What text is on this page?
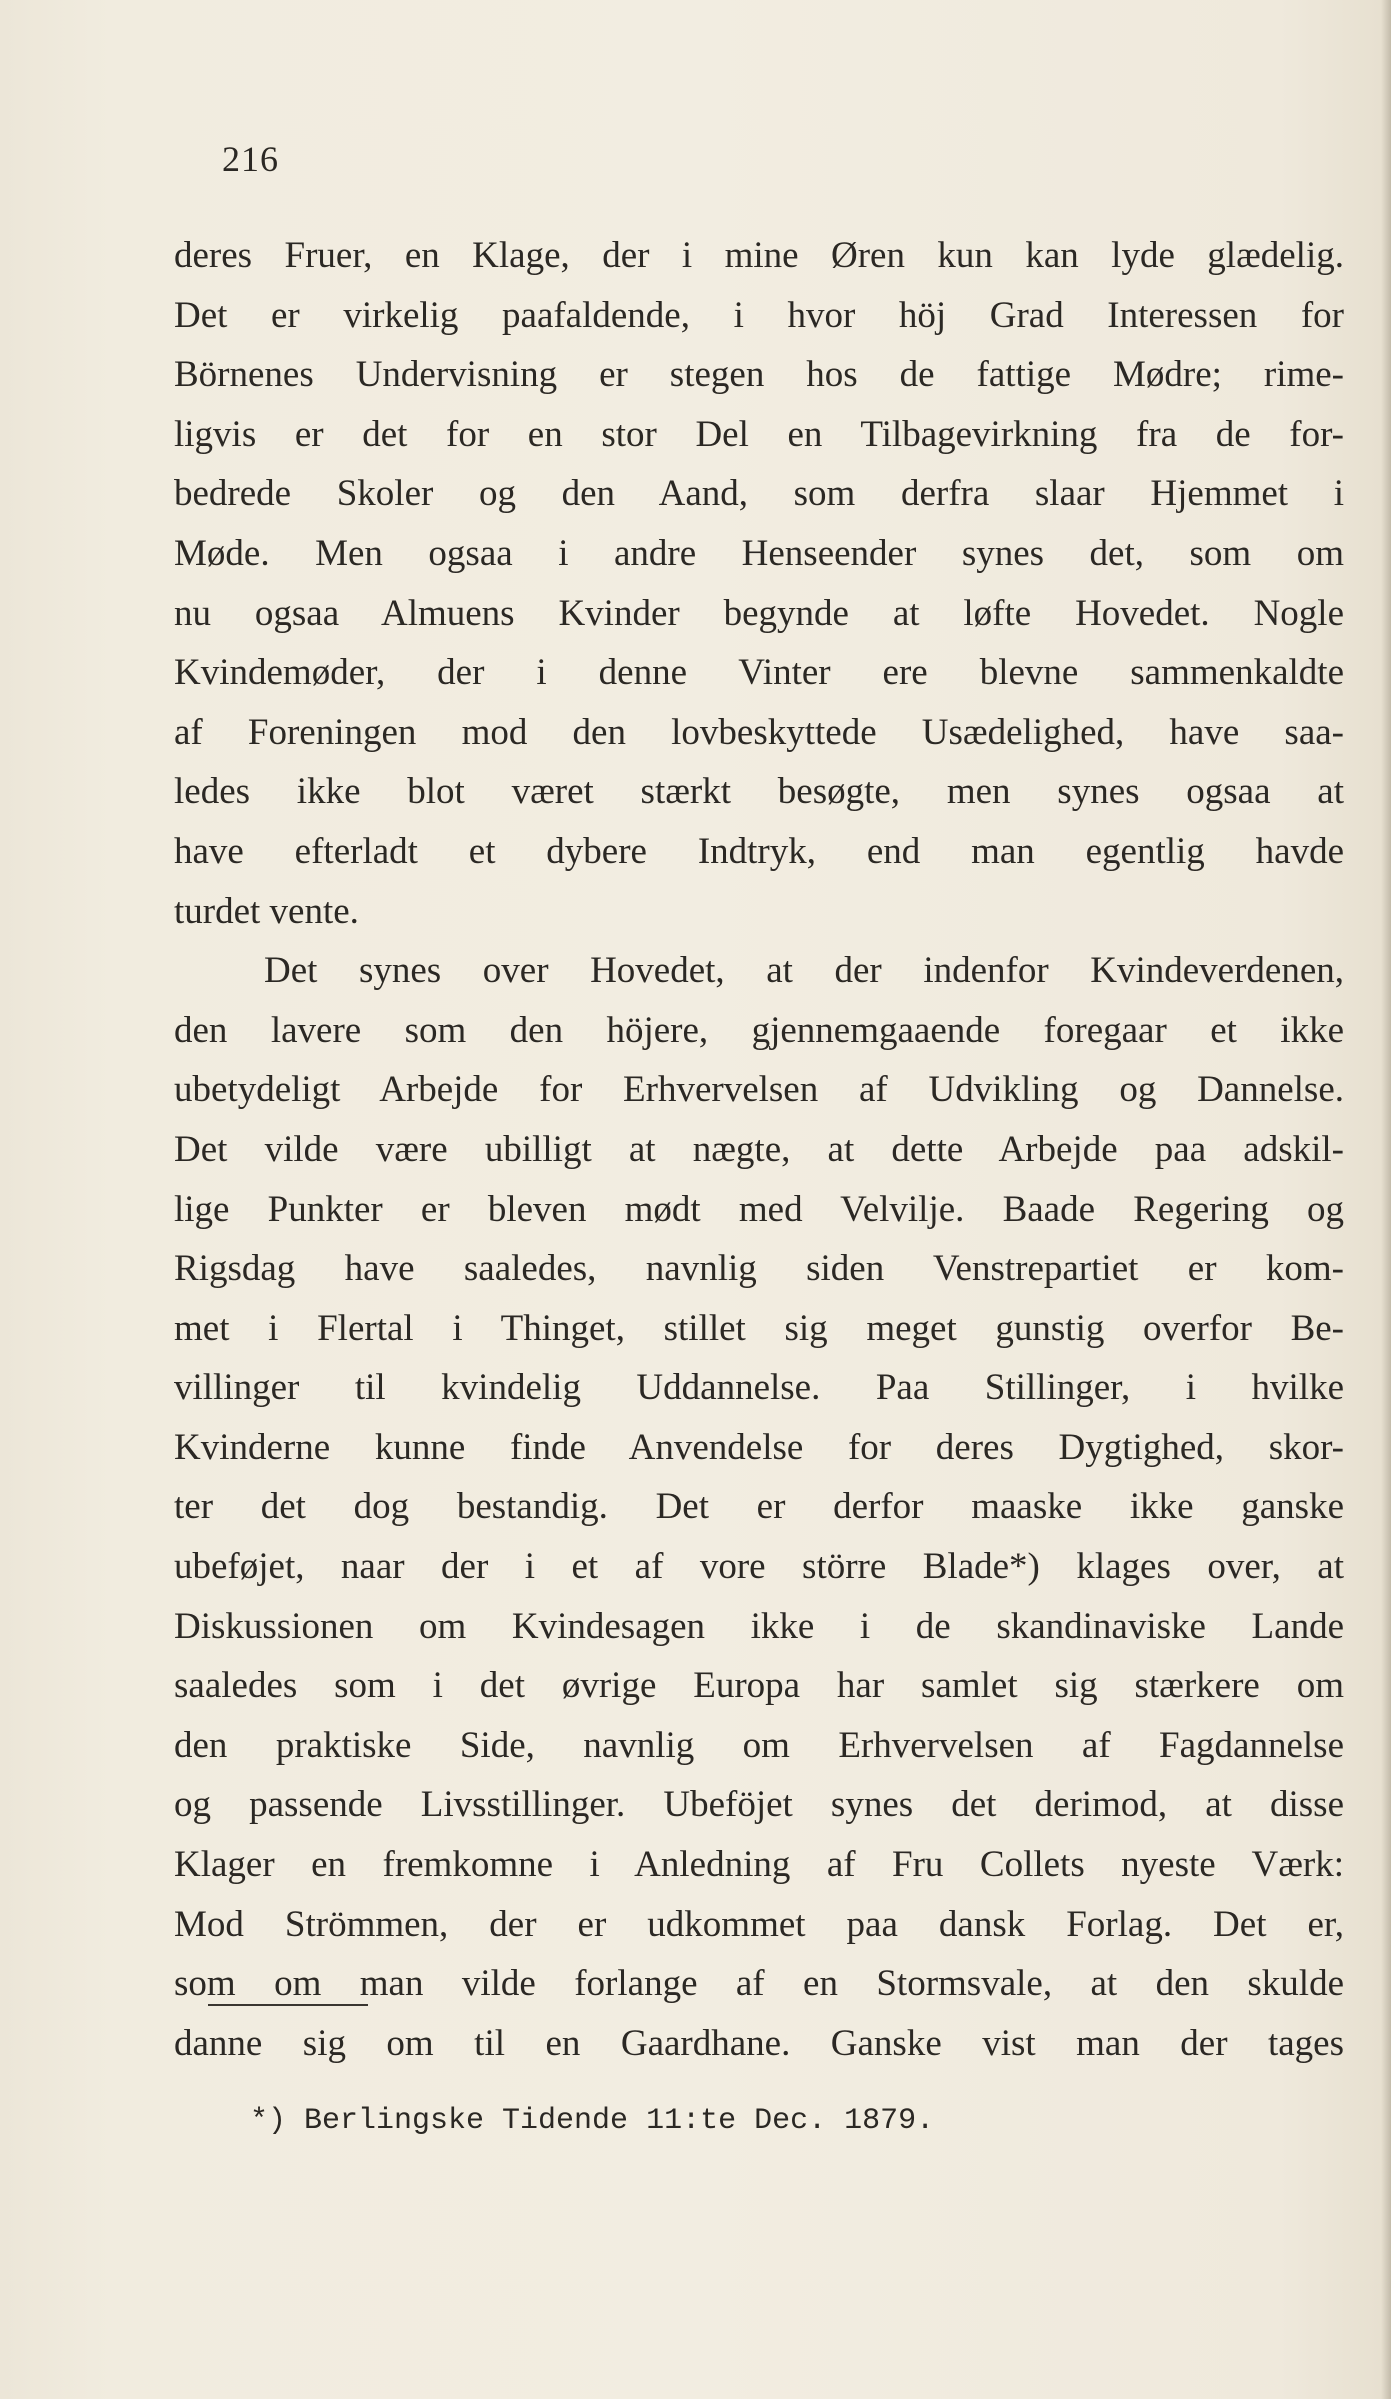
216
deres Fruer, en Klage, der i mine Øren kun kan lyde glædelig.
Det er virkelig paafaldende, i hvor höj Grad Interessen for
Börnenes Undervisning er stegen hos de fattige Mødre; rime-
ligvis er det for en stor Del en Tilbagevirkning fra de for-
bedrede Skoler og den Aand, som derfra slaar Hjemmet i
Møde. Men ogsaa i andre Henseender synes det, som om
nu ogsaa Almuens Kvinder begynde at løfte Hovedet. Nogle
Kvindemøder, der i denne Vinter ere blevne sammenkaldte
af Foreningen mod den lovbeskyttede Usædelighed, have saa-
ledes ikke blot været stærkt besøgte, men synes ogsaa at
have efterladt et dybere Indtryk, end man egentlig havde
turdet vente.
Det synes over Hovedet, at der indenfor Kvindeverdenen,
den lavere som den höjere, gjennemgaaende foregaar et ikke
ubetydeligt Arbejde for Erhvervelsen af Udvikling og Dannelse.
Det vilde være ubilligt at nægte, at dette Arbejde paa adskil-
lige Punkter er bleven mødt med Velvilje. Baade Regering og
Rigsdag have saaledes, navnlig siden Venstrepartiet er kom-
met i Flertal i Thinget, stillet sig meget gunstig overfor Be-
villinger til kvindelig Uddannelse. Paa Stillinger, i hvilke
Kvinderne kunne finde Anvendelse for deres Dygtighed, skor-
ter det dog bestandig. Det er derfor maaske ikke ganske
ubeføjet, naar der i et af vore större Blade*) klages over, at
Diskussionen om Kvindesagen ikke i de skandinaviske Lande
saaledes som i det øvrige Europa har samlet sig stærkere om
den praktiske Side, navnlig om Erhvervelsen af Fagdannelse
og passende Livsstillinger. Ubeföjet synes det derimod, at disse
Klager en fremkomne i Anledning af Fru Collets nyeste Værk:
Mod Strömmen, der er udkommet paa dansk Forlag. Det er,
som om man vilde forlange af en Stormsvale, at den skulde
danne sig om til en Gaardhane. Ganske vist man der tages
*) Berlingske Tidende 11:te Dec. 1879.
